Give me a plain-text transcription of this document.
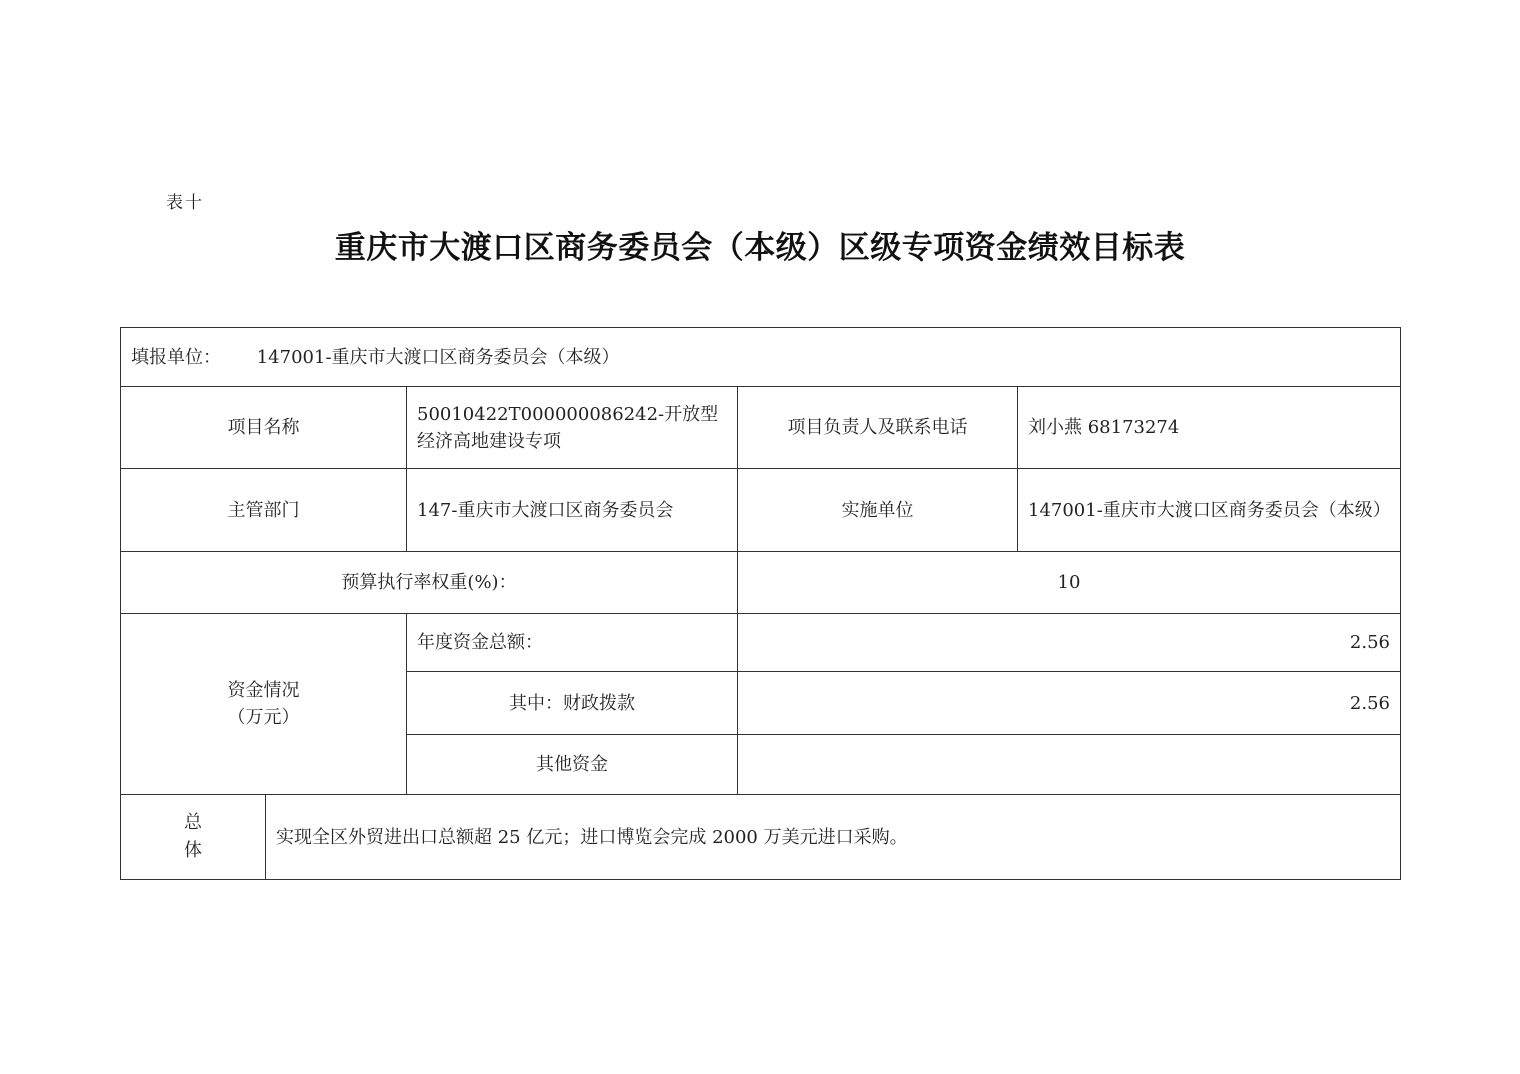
表十
重庆市大渡口区商务委员会（本级）区级专项资金绩效目标表
填报单位： 147001-重庆市大渡口区商务委员会（本级）				
项目名称		50010422T000000086242-开放型经济高地建设专项	项目负责人及联系电话	刘小燕 68173274
主管部门		147-重庆市大渡口区商务委员会	实施单位	147001-重庆市大渡口区商务委员会（本级）
预算执行率权重(%)：			10	

资金情况
（万元）		年度资金总额：	2.56	
		其中：财政拨款	2.56	
		其他资金		
总体	实现全区外贸进出口总额超 25 亿元；进口博览会完成 2000 万美元进口采购。			
